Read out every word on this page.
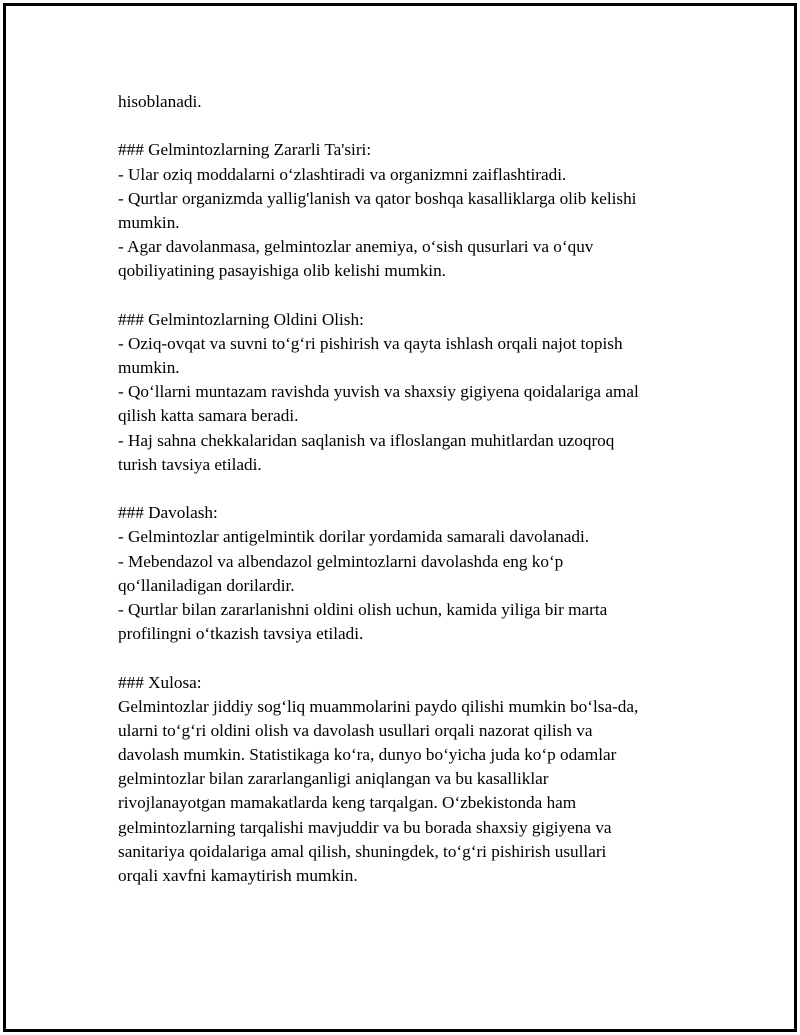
hisoblanadi.
### Gelmintozlarning Zararli Ta'siri:
- Ular oziq moddalarni o‘zlashtiradi va organizmni zaiflashtiradi.
- Qurtlar organizmda yallig'lanish va qator boshqa kasalliklarga olib kelishi
mumkin.
- Agar davolanmasa, gelmintozlar anemiya, o‘sish qusurlari va o‘quv
qobiliyatining pasayishiga olib kelishi mumkin.
### Gelmintozlarning Oldini Olish:
- Oziq-ovqat va suvni to‘g‘ri pishirish va qayta ishlash orqali najot topish
mumkin.
- Qo‘llarni muntazam ravishda yuvish va shaxsiy gigiyena qoidalariga amal
qilish katta samara beradi.
- Haj sahna chekkalaridan saqlanish va ifloslangan muhitlardan uzoqroq
turish tavsiya etiladi.
### Davolash:
- Gelmintozlar antigelmintik dorilar yordamida samarali davolanadi.
- Mebendazol va albendazol gelmintozlarni davolashda eng ko‘p
qo‘llaniladigan dorilardir.
- Qurtlar bilan zararlanishni oldini olish uchun, kamida yiliga bir marta
profilingni o‘tkazish tavsiya etiladi.
### Xulosa:
Gelmintozlar jiddiy sog‘liq muammolarini paydo qilishi mumkin bo‘lsa-da,
ularni to‘g‘ri oldini olish va davolash usullari orqali nazorat qilish va
davolash mumkin. Statistikaga ko‘ra, dunyo bo‘yicha juda ko‘p odamlar
gelmintozlar bilan zararlanganligi aniqlangan va bu kasalliklar
rivojlanayotgan mamakatlarda keng tarqalgan. O‘zbekistonda ham
gelmintozlarning tarqalishi mavjuddir va bu borada shaxsiy gigiyena va
sanitariya qoidalariga amal qilish, shuningdek, to‘g‘ri pishirish usullari
orqali xavfni kamaytirish mumkin.
